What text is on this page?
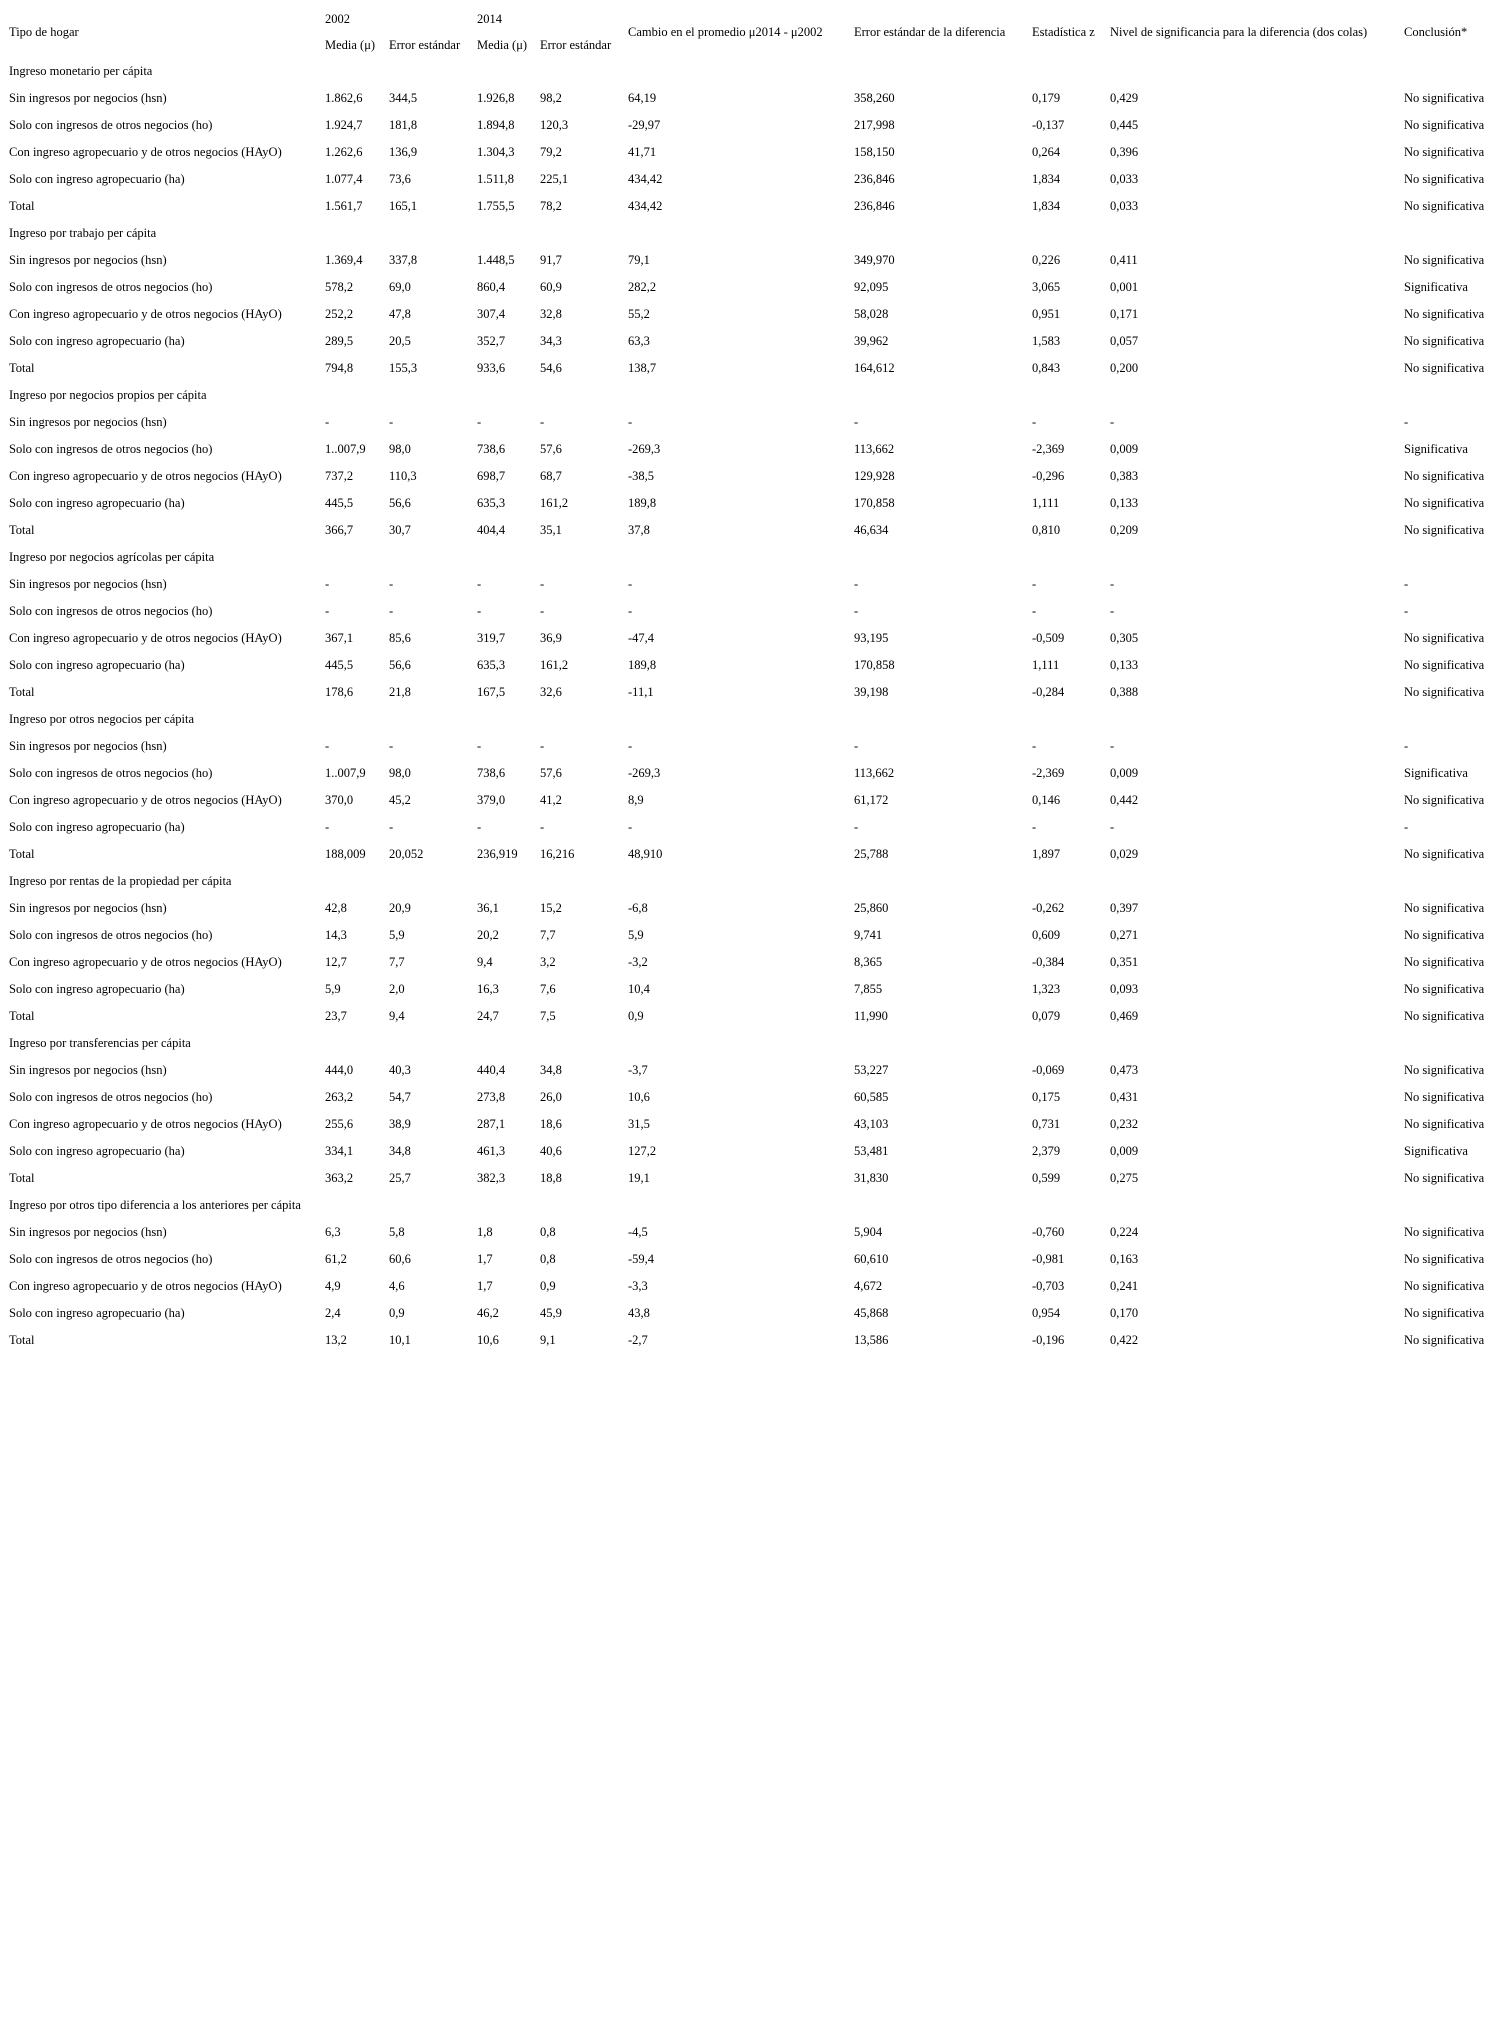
Tipo de hogar	2002		2014		Cambio en el promedio μ2014 - μ2002	Error estándar de la diferencia	Estadística z	Nivel de significancia para la diferencia (dos colas)	Conclusión*
	Media (μ)	Error estándar	Media (μ)	Error estándar					
Ingreso monetario per cápita									
Sin ingresos por negocios (hsn)	1.862,6	344,5	1.926,8	98,2	64,19	358,260	0,179	0,429	No significativa
Solo con ingresos de otros negocios (ho)	1.924,7	181,8	1.894,8	120,3	-29,97	217,998	-0,137	0,445	No significativa
Con ingreso agropecuario y de otros negocios (HAyO)	1.262,6	136,9	1.304,3	79,2	41,71	158,150	0,264	0,396	No significativa
Solo con ingreso agropecuario (ha)	1.077,4	73,6	1.511,8	225,1	434,42	236,846	1,834	0,033	No significativa
Total	1.561,7	165,1	1.755,5	78,2	434,42	236,846	1,834	0,033	No significativa
Ingreso por trabajo per cápita									
Sin ingresos por negocios (hsn)	1.369,4	337,8	1.448,5	91,7	79,1	349,970	0,226	0,411	No significativa
Solo con ingresos de otros negocios (ho)	578,2	69,0	860,4	60,9	282,2	92,095	3,065	0,001	Significativa
Con ingreso agropecuario y de otros negocios (HAyO)	252,2	47,8	307,4	32,8	55,2	58,028	0,951	0,171	No significativa
Solo con ingreso agropecuario (ha)	289,5	20,5	352,7	34,3	63,3	39,962	1,583	0,057	No significativa
Total	794,8	155,3	933,6	54,6	138,7	164,612	0,843	0,200	No significativa
Ingreso por negocios propios per cápita									
Sin ingresos por negocios (hsn)	-	-	-	-	-	-	-	-	-
Solo con ingresos de otros negocios (ho)	1..007,9	98,0	738,6	57,6	-269,3	113,662	-2,369	0,009	Significativa
Con ingreso agropecuario y de otros negocios (HAyO)	737,2	110,3	698,7	68,7	-38,5	129,928	-0,296	0,383	No significativa
Solo con ingreso agropecuario (ha)	445,5	56,6	635,3	161,2	189,8	170,858	1,111	0,133	No significativa
Total	366,7	30,7	404,4	35,1	37,8	46,634	0,810	0,209	No significativa
Ingreso por negocios agrícolas per cápita									
Sin ingresos por negocios (hsn)	-	-	-	-	-	-	-	-	-
Solo con ingresos de otros negocios (ho)	-	-	-	-	-	-	-	-	-
Con ingreso agropecuario y de otros negocios (HAyO)	367,1	85,6	319,7	36,9	-47,4	93,195	-0,509	0,305	No significativa
Solo con ingreso agropecuario (ha)	445,5	56,6	635,3	161,2	189,8	170,858	1,111	0,133	No significativa
Total	178,6	21,8	167,5	32,6	-11,1	39,198	-0,284	0,388	No significativa
Ingreso por otros negocios per cápita									
Sin ingresos por negocios (hsn)	-	-	-	-	-	-	-	-	-
Solo con ingresos de otros negocios (ho)	1..007,9	98,0	738,6	57,6	-269,3	113,662	-2,369	0,009	Significativa
Con ingreso agropecuario y de otros negocios (HAyO)	370,0	45,2	379,0	41,2	8,9	61,172	0,146	0,442	No significativa
Solo con ingreso agropecuario (ha)	-	-	-	-	-	-	-	-	-
Total	188,009	20,052	236,919	16,216	48,910	25,788	1,897	0,029	No significativa
Ingreso por rentas de la propiedad per cápita									
Sin ingresos por negocios (hsn)	42,8	20,9	36,1	15,2	-6,8	25,860	-0,262	0,397	No significativa
Solo con ingresos de otros negocios (ho)	14,3	5,9	20,2	7,7	5,9	9,741	0,609	0,271	No significativa
Con ingreso agropecuario y de otros negocios (HAyO)	12,7	7,7	9,4	3,2	-3,2	8,365	-0,384	0,351	No significativa
Solo con ingreso agropecuario (ha)	5,9	2,0	16,3	7,6	10,4	7,855	1,323	0,093	No significativa
Total	23,7	9,4	24,7	7,5	0,9	11,990	0,079	0,469	No significativa
Ingreso por transferencias per cápita									
Sin ingresos por negocios (hsn)	444,0	40,3	440,4	34,8	-3,7	53,227	-0,069	0,473	No significativa
Solo con ingresos de otros negocios (ho)	263,2	54,7	273,8	26,0	10,6	60,585	0,175	0,431	No significativa
Con ingreso agropecuario y de otros negocios (HAyO)	255,6	38,9	287,1	18,6	31,5	43,103	0,731	0,232	No significativa
Solo con ingreso agropecuario (ha)	334,1	34,8	461,3	40,6	127,2	53,481	2,379	0,009	Significativa
Total	363,2	25,7	382,3	18,8	19,1	31,830	0,599	0,275	No significativa
Ingreso por otros tipo diferencia a los anteriores per cápita									
Sin ingresos por negocios (hsn)	6,3	5,8	1,8	0,8	-4,5	5,904	-0,760	0,224	No significativa
Solo con ingresos de otros negocios (ho)	61,2	60,6	1,7	0,8	-59,4	60,610	-0,981	0,163	No significativa
Con ingreso agropecuario y de otros negocios (HAyO)	4,9	4,6	1,7	0,9	-3,3	4,672	-0,703	0,241	No significativa
Solo con ingreso agropecuario (ha)	2,4	0,9	46,2	45,9	43,8	45,868	0,954	0,170	No significativa
Total	13,2	10,1	10,6	9,1	-2,7	13,586	-0,196	0,422	No significativa
